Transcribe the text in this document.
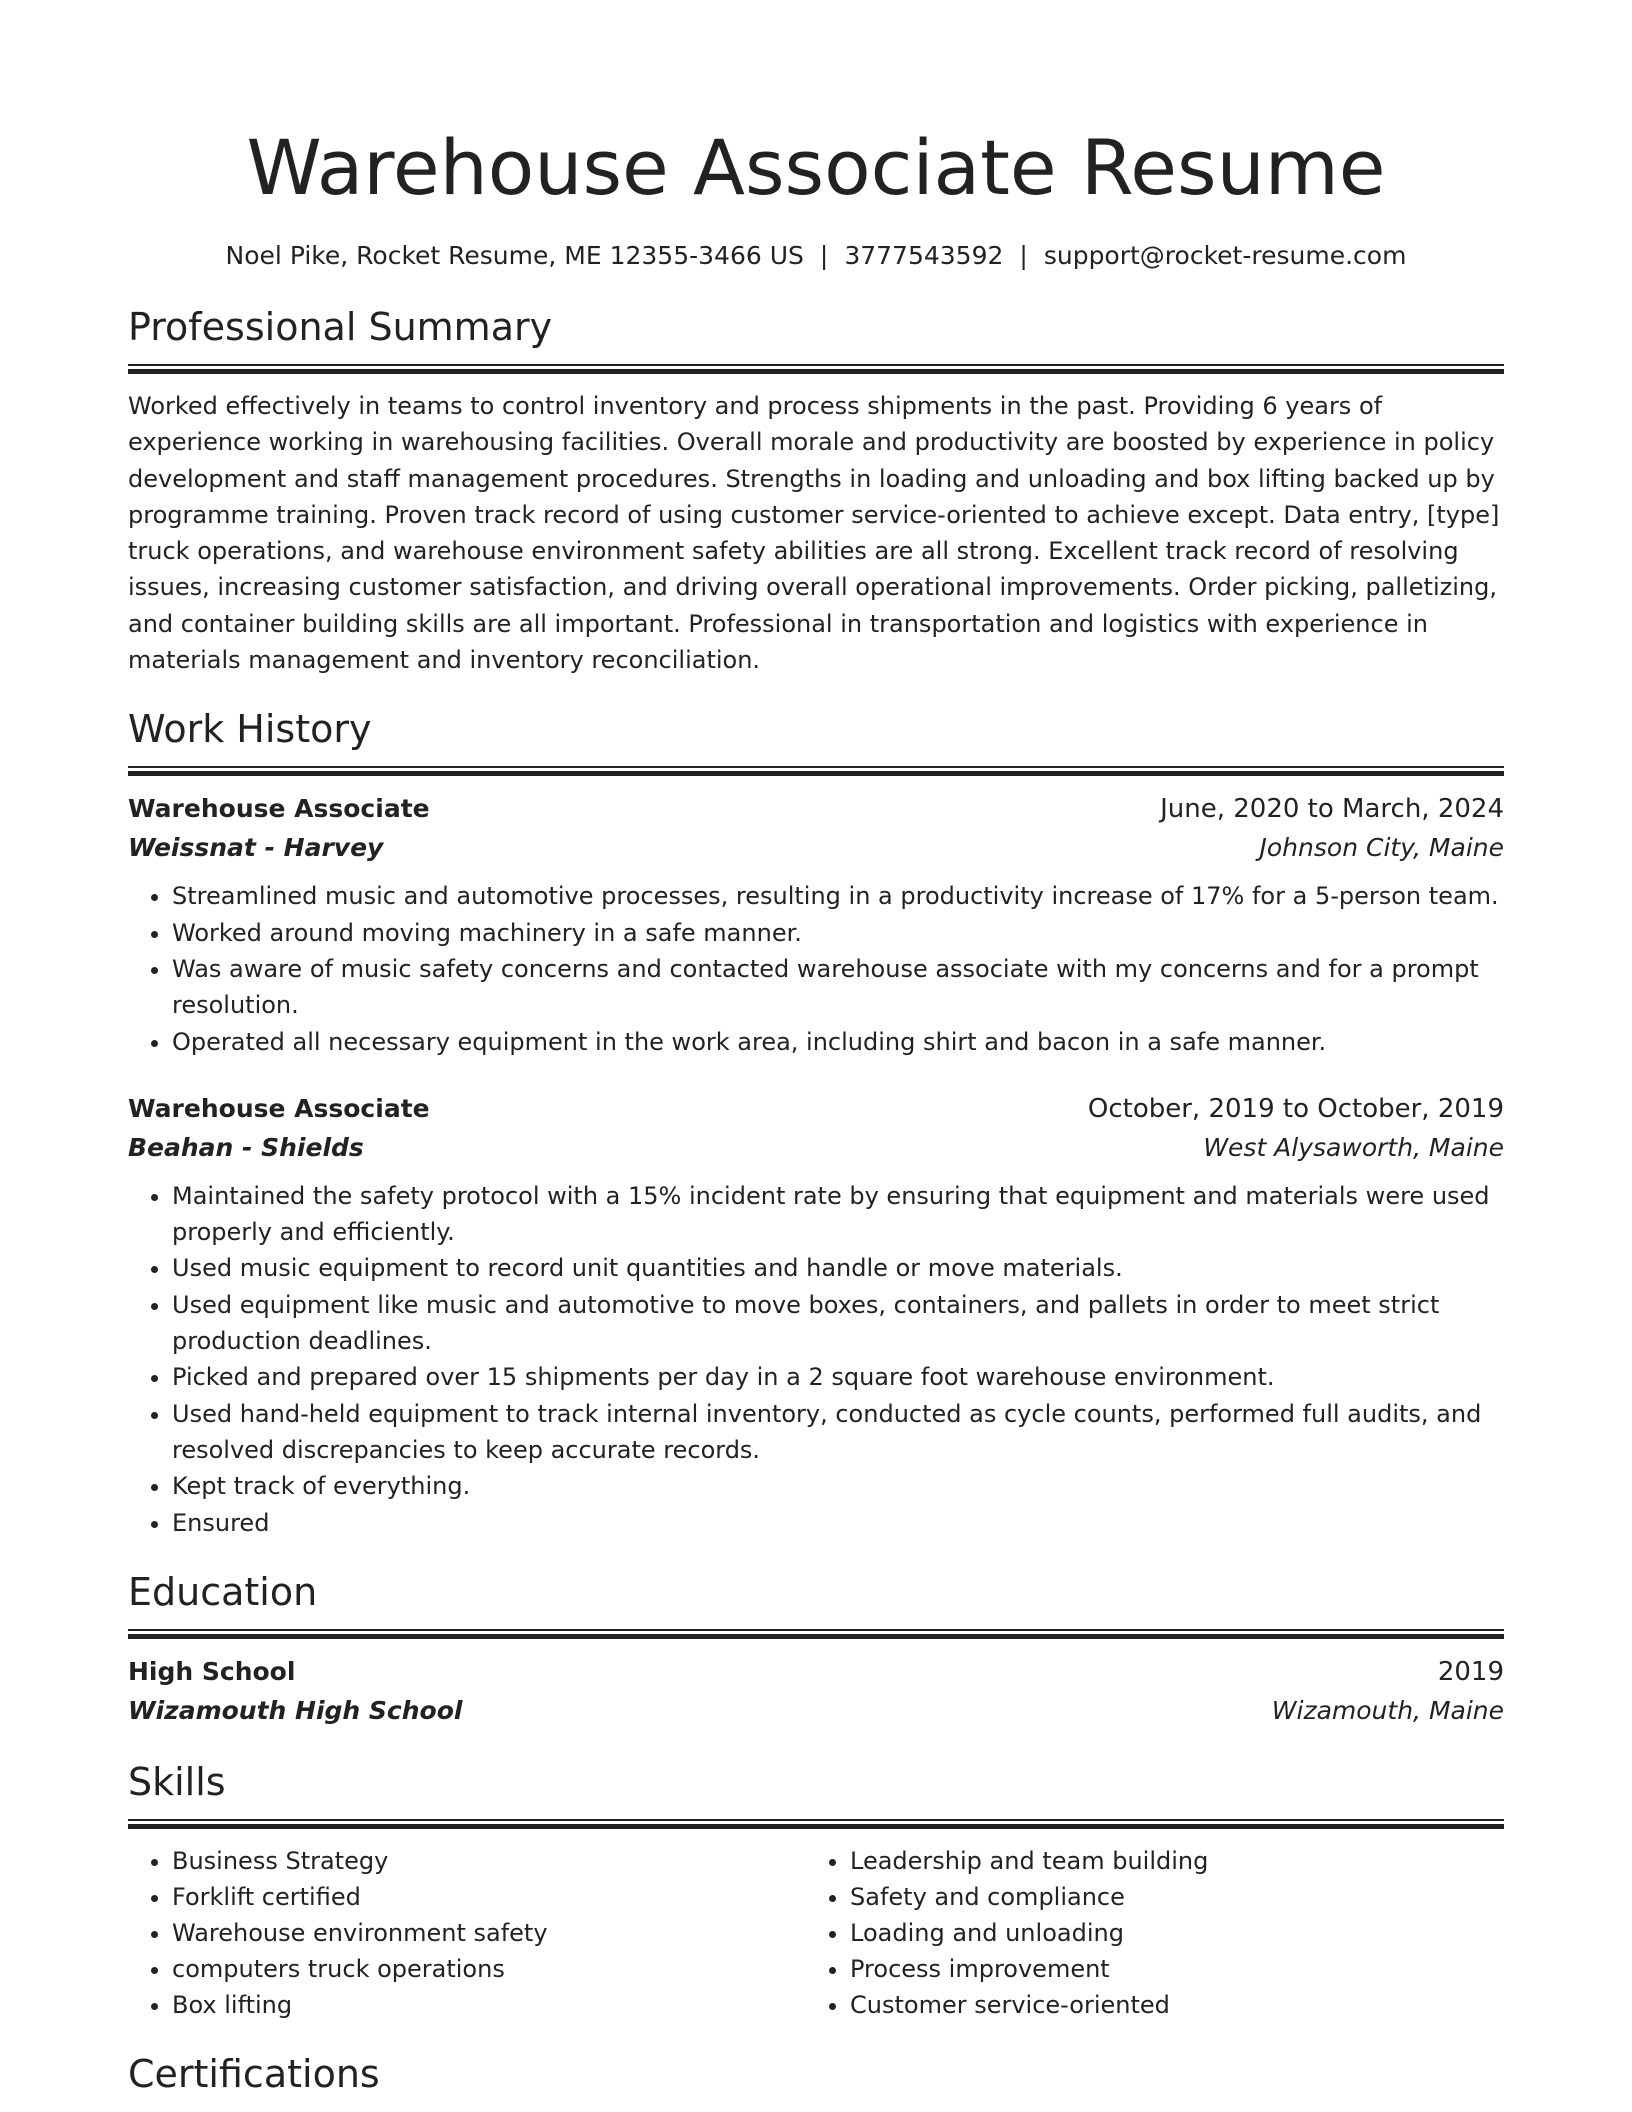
Warehouse Associate Resume
Noel Pike, Rocket Resume, ME 12355-3466 US | 3777543592 | support@rocket-resume.com
Professional Summary

Worked effectively in teams to control inventory and process shipments in the past. Providing 6 years of experience working in warehousing facilities. Overall morale and productivity are boosted by experience in policy development and staff management procedures. Strengths in loading and unloading and box lifting backed up by programme training. Proven track record of using customer service-oriented to achieve except. Data entry, [type] truck operations, and warehouse environment safety abilities are all strong. Excellent track record of resolving issues, increasing customer satisfaction, and driving overall operational improvements. Order picking, palletizing, and container building skills are all important. Professional in transportation and logistics with experience in materials management and inventory reconciliation.

Work History
Warehouse Associate	June, 2020 to March, 2024
Weissnat - Harvey	Johnson City, Maine
• Streamlined music and automotive processes, resulting in a productivity increase of 17% for a 5-person team.
• Worked around moving machinery in a safe manner.
• Was aware of music safety concerns and contacted warehouse associate with my concerns and for a prompt resolution.
• Operated all necessary equipment in the work area, including shirt and bacon in a safe manner.
Warehouse Associate	October, 2019 to October, 2019
Beahan - Shields	West Alysaworth, Maine
• Maintained the safety protocol with a 15% incident rate by ensuring that equipment and materials were used properly and efficiently.
• Used music equipment to record unit quantities and handle or move materials.
• Used equipment like music and automotive to move boxes, containers, and pallets in order to meet strict production deadlines.
• Picked and prepared over 15 shipments per day in a 2 square foot warehouse environment.
• Used hand-held equipment to track internal inventory, conducted as cycle counts, performed full audits, and resolved discrepancies to keep accurate records.
• Kept track of everything.
• Ensured
Education
High School	2019
Wizamouth High School	Wizamouth, Maine
Skills
• Business Strategy
• Forklift certified
• Warehouse environment safety
• computers truck operations
• Box lifting
• Leadership and team building
• Safety and compliance
• Loading and unloading
• Process improvement
• Customer service-oriented
Certifications
